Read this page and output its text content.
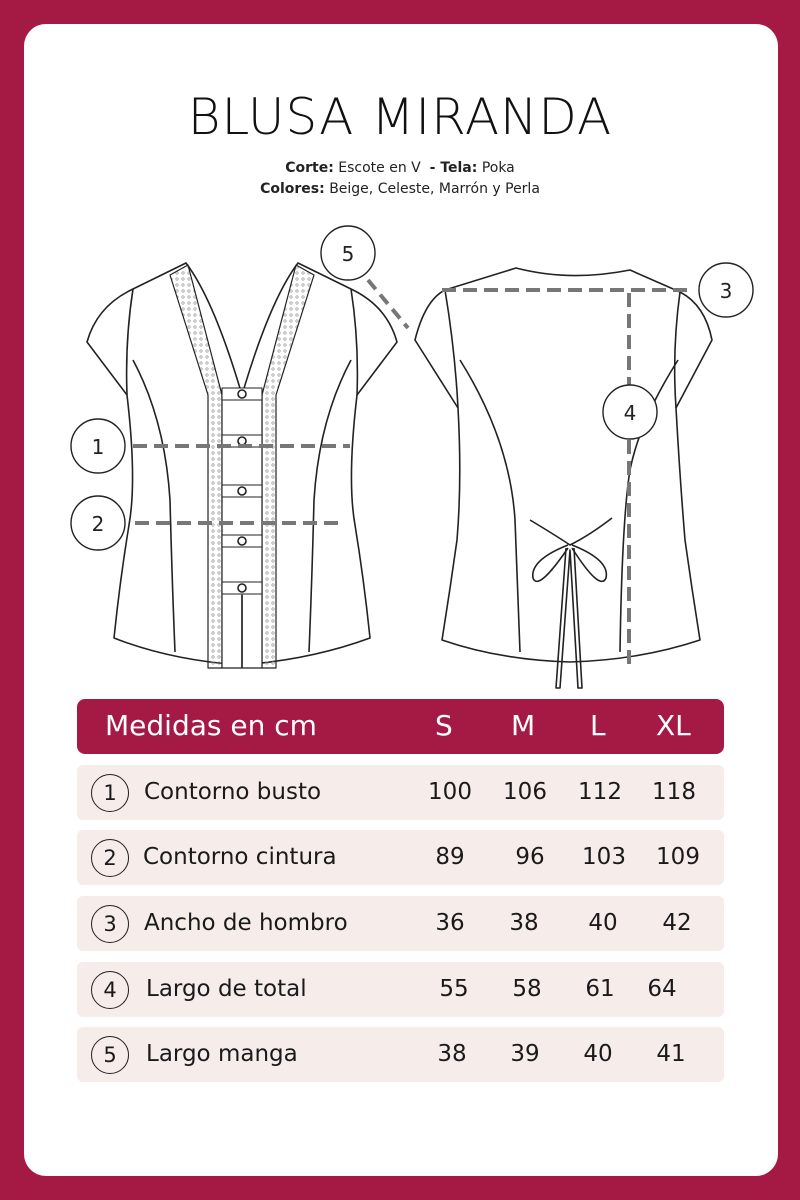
BLUSA MIRANDA
Corte: Escote en V - Tela: Poka
Colores: Beige, Celeste, Marrón y Perla
1
2
5
3
4
Medidas en cm	S M L XL
1	Contorno busto	100	106	112	118
2	Contorno cintura	89	96	103	109
3	Ancho de hombro	36	38	40	42
4	Largo de total	55	58	61	64
5	Largo manga	38	39	40	41
